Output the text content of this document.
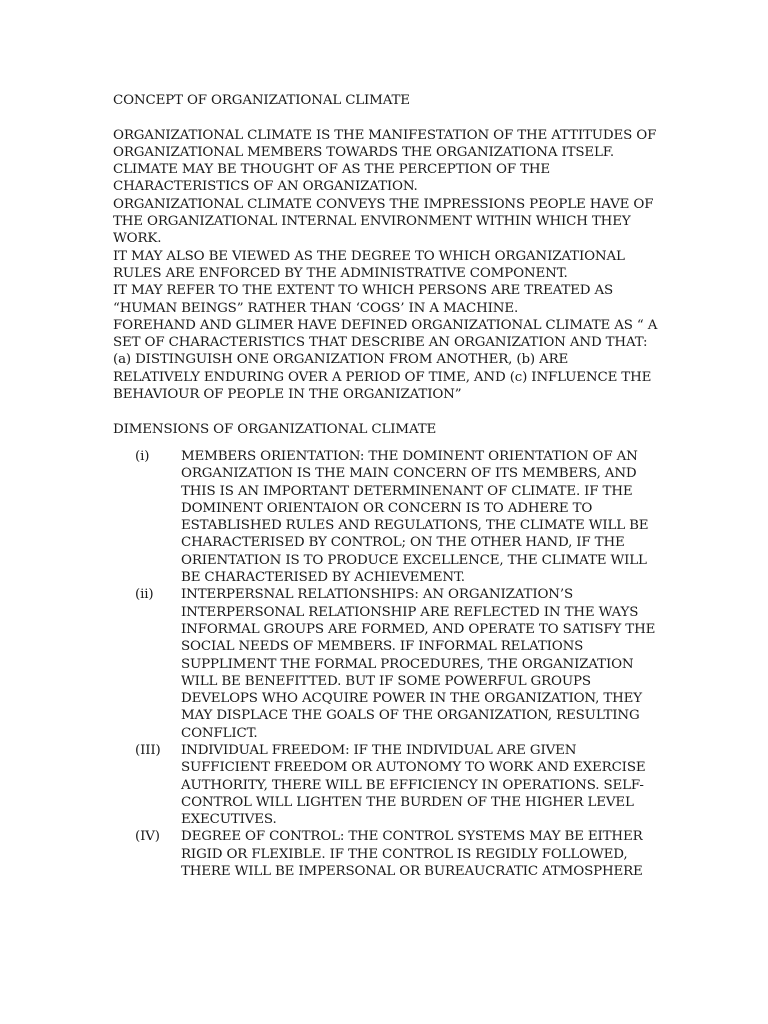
CONCEPT OF ORGANIZATIONAL CLIMATE

ORGANIZATIONAL CLIMATE IS THE MANIFESTATION OF THE ATTITUDES OF ORGANIZATIONAL MEMBERS TOWARDS THE ORGANIZATIONA ITSELF.

CLIMATE MAY BE THOUGHT OF AS THE PERCEPTION OF THE CHARACTERISTICS OF AN ORGANIZATION.

ORGANIZATIONAL CLIMATE CONVEYS THE IMPRESSIONS PEOPLE HAVE OF THE ORGANIZATIONAL INTERNAL ENVIRONMENT WITHIN WHICH THEY WORK.

IT MAY ALSO BE VIEWED AS THE DEGREE TO WHICH ORGANIZATIONAL RULES ARE ENFORCED BY THE ADMINISTRATIVE COMPONENT.

IT MAY REFER TO THE EXTENT TO WHICH PERSONS ARE TREATED AS “HUMAN BEINGS” RATHER THAN ‘COGS’ IN A MACHINE.

FOREHAND AND GLIMER HAVE DEFINED ORGANIZATIONAL CLIMATE AS “ A SET OF CHARACTERISTICS THAT DESCRIBE AN ORGANIZATION AND THAT: (a) DISTINGUISH ONE ORGANIZATION FROM ANOTHER, (b) ARE RELATIVELY ENDURING OVER A PERIOD OF TIME, AND (c) INFLUENCE THE BEHAVIOUR OF PEOPLE IN THE ORGANIZATION”

DIMENSIONS OF ORGANIZATIONAL CLIMATE

(i) MEMBERS ORIENTATION: THE DOMINENT ORIENTATION OF AN ORGANIZATION IS THE MAIN CONCERN OF ITS MEMBERS, AND THIS IS AN IMPORTANT DETERMINENANT OF CLIMATE. IF THE DOMINENT ORIENTAION OR CONCERN IS TO ADHERE TO ESTABLISHED RULES AND REGULATIONS, THE CLIMATE WILL BE CHARACTERISED BY CONTROL; ON THE OTHER HAND, IF THE ORIENTATION IS TO PRODUCE EXCELLENCE, THE CLIMATE WILL BE CHARACTERISED BY ACHIEVEMENT.
(ii) INTERPERSNAL RELATIONSHIPS: AN ORGANIZATION’S INTERPERSONAL RELATIONSHIP ARE REFLECTED IN THE WAYS INFORMAL GROUPS ARE FORMED, AND OPERATE TO SATISFY THE SOCIAL NEEDS OF MEMBERS. IF INFORMAL RELATIONS SUPPLIMENT THE FORMAL PROCEDURES, THE ORGANIZATION WILL BE BENEFITTED. BUT IF SOME POWERFUL GROUPS DEVELOPS WHO ACQUIRE POWER IN THE ORGANIZATION, THEY MAY DISPLACE THE GOALS OF THE ORGANIZATION, RESULTING CONFLICT.
(III) INDIVIDUAL FREEDOM: IF THE INDIVIDUAL ARE GIVEN SUFFICIENT FREEDOM OR AUTONOMY TO WORK AND EXERCISE AUTHORITY, THERE WILL BE EFFICIENCY IN OPERATIONS. SELF-CONTROL WILL LIGHTEN THE BURDEN OF THE HIGHER LEVEL EXECUTIVES.
(IV) DEGREE OF CONTROL: THE CONTROL SYSTEMS MAY BE EITHER RIGID OR FLEXIBLE. IF THE CONTROL IS REGIDLY FOLLOWED, THERE WILL BE IMPERSONAL OR BUREAUCRATIC ATMOSPHERE
